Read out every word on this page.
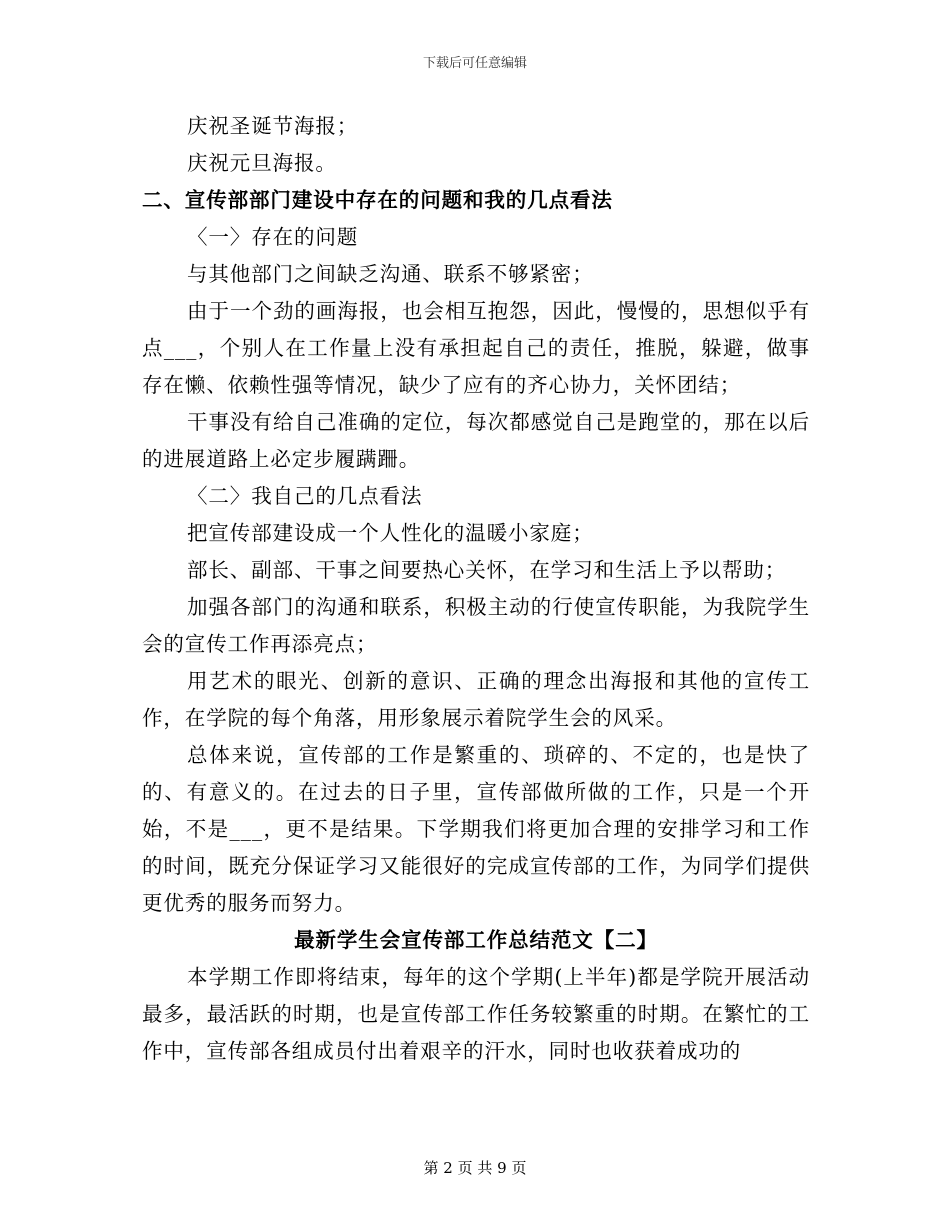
下载后可任意编辑

庆祝圣诞节海报；

庆祝元旦海报。

二、宣传部部门建设中存在的问题和我的几点看法

〈一〉存在的问题

与其他部门之间缺乏沟通、联系不够紧密；

由于一个劲的画海报，也会相互抱怨，因此，慢慢的，思想似乎有点___，个别人在工作量上没有承担起自己的责任，推脱，躲避，做事存在懒、依赖性强等情况，缺少了应有的齐心协力，关怀团结；

干事没有给自己准确的定位，每次都感觉自己是跑堂的，那在以后的进展道路上必定步履蹒跚。

〈二〉我自己的几点看法

把宣传部建设成一个人性化的温暖小家庭；

部长、副部、干事之间要热心关怀，在学习和生活上予以帮助；

加强各部门的沟通和联系，积极主动的行使宣传职能，为我院学生会的宣传工作再添亮点；

用艺术的眼光、创新的意识、正确的理念出海报和其他的宣传工作，在学院的每个角落，用形象展示着院学生会的风采。

总体来说，宣传部的工作是繁重的、琐碎的、不定的，也是快了的、有意义的。在过去的日子里，宣传部做所做的工作，只是一个开始，不是___，更不是结果。下学期我们将更加合理的安排学习和工作的时间，既充分保证学习又能很好的完成宣传部的工作，为同学们提供更优秀的服务而努力。

最新学生会宣传部工作总结范文【二】

本学期工作即将结束，每年的这个学期(上半年)都是学院开展活动最多，最活跃的时期，也是宣传部工作任务较繁重的时期。在繁忙的工作中，宣传部各组成员付出着艰辛的汗水，同时也收获着成功的

第 2 页 共 9 页
